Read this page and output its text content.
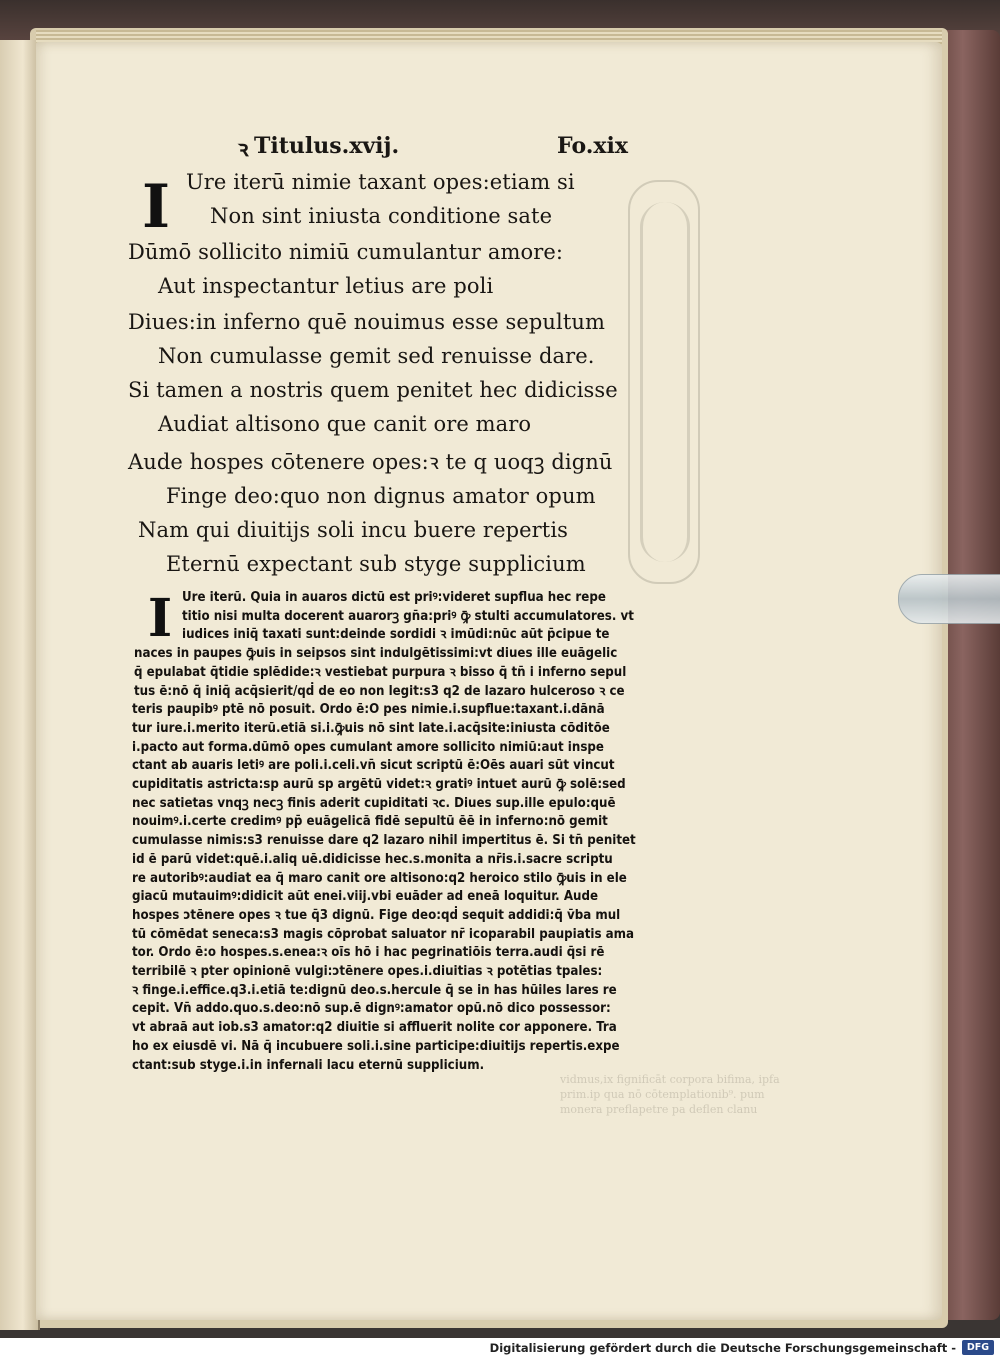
ꝛ Titulus.xvij.	Fo.xix
I Ure iterū nimie taxant opes:etiam si
Non sint iniusta conditione sate
Dūmō sollicito nimiū cumulantur amore:
Aut inspectantur letius are poli
Diues:in inferno quē nouimus esse sepultum
Non cumulasse gemit sed renuisse dare.
Si tamen a nostris quem penitet hec didicisse
Audiat altisono que canit ore maro
Aude hospes cōtenere opes:ꝛ te q uoqꝫ dignū
Finge deo:quo non dignus amator opum
Nam qui diuitijs soli incu buere repertis
Eternū expectant sub styge supplicium
I Ure iterū. Quia in auaros dictū est priꝰ:videret supflua hec repe
titio nisi multa docerent auarorꝫ gn̄a:priꝰ ꝙ̄ stulti accumulatores. vt
iudices iniq̄ taxati sunt:deinde sordidi ꝛ imūdi:nūc aūt p̄cipue te
naces in paupes ꝙ̄uis in seipsos sint indulgētissimi:vt diues ille euāgelic
q̄ epulabat q̄tidie splēdide:ꝛ vestiebat purpura ꝛ bisso q̄ tn̄ i inferno sepul
tus ē:nō q̄ iniq̄ acq̄sierit/qḋ de eo non legit:s3 q2 de lazaro hulceroso ꝛ ce
teris paupibꝰ ptē nō posuit. Ordo ē:O pes nimie.i.supflue:taxant.i.dānā
tur iure.i.merito iterū.etiā si.i.ꝙ̄uis nō sint late.i.acq̄site:iniusta cōditōe
i.pacto aut forma.dūmō opes cumulant amore sollicito nimiū:aut inspe
ctant ab auaris letiꝰ are poli.i.celi.vn̄ sicut scriptū ē:Oēs auari sūt vincut
cupiditatis astricta:sp aurū sp argētū videt:ꝛ gratiꝰ intuet aurū ꝙ̄ solē:sed
nec satietas vnqꝫ necꝫ finis aderit cupiditati ꝛc. Diues sup.ille epulo:quē
nouimꝰ.i.certe credimꝰ pp̄ euāgelicā fidē sepultū ēē in inferno:nō gemit
cumulasse nimis:s3 renuisse dare q2 lazaro nihil impertitus ē. Si tn̄ penitet
id ē parū videt:quē.i.aliq uē.didicisse hec.s.monita a nr̄is.i.sacre scriptu
re autoribꝰ:audiat ea q̄ maro canit ore altisono:q2 heroico stilo ꝙ̄uis in ele
giacū mutauimꝰ:didicit aūt enei.viij.vbi euāder ad eneā loquitur. Aude
hospes ɔtēnere opes ꝛ tue q̄3 dignū. Fige deo:qḋ sequit addidi:q̄ v̄ba mul
tū cōmēdat seneca:s3 magis cōprobat saluator nr̄ icoparabil paupiatis ama
tor. Ordo ē:o hospes.s.enea:ꝛ oīs hō i hac pegrinatiōis terra.audi q̄si rē
terribilē ꝛ pter opinionē vulgi:ɔtēnere opes.i.diuitias ꝛ potētias tpales:
ꝛ finge.i.effice.q3.i.etiā te:dignū deo.s.hercule q̄ se in has hūiles lares re
cepit. Vn̄ addo.quo.s.deo:nō sup.ē dignꝰ:amator opū.nō dico possessor:
vt abraā aut iob.s3 amator:q2 diuitie si affluerit nolite cor apponere. Tra
ho ex eiusdē vi. Nā q̄ incubuere soli.i.sine participe:diuitijs repertis.expe
ctant:sub styge.i.in infernali lacu eternū supplicium.
vidmus,ix fignificāt corpora bifima, ipfa
prim.ip qua nō cōtemplationib⁹. pum
monera preflapetre pa deflen clanu
Digitalisierung gefördert durch die Deutsche Forschungsgemeinschaft -	DFG
